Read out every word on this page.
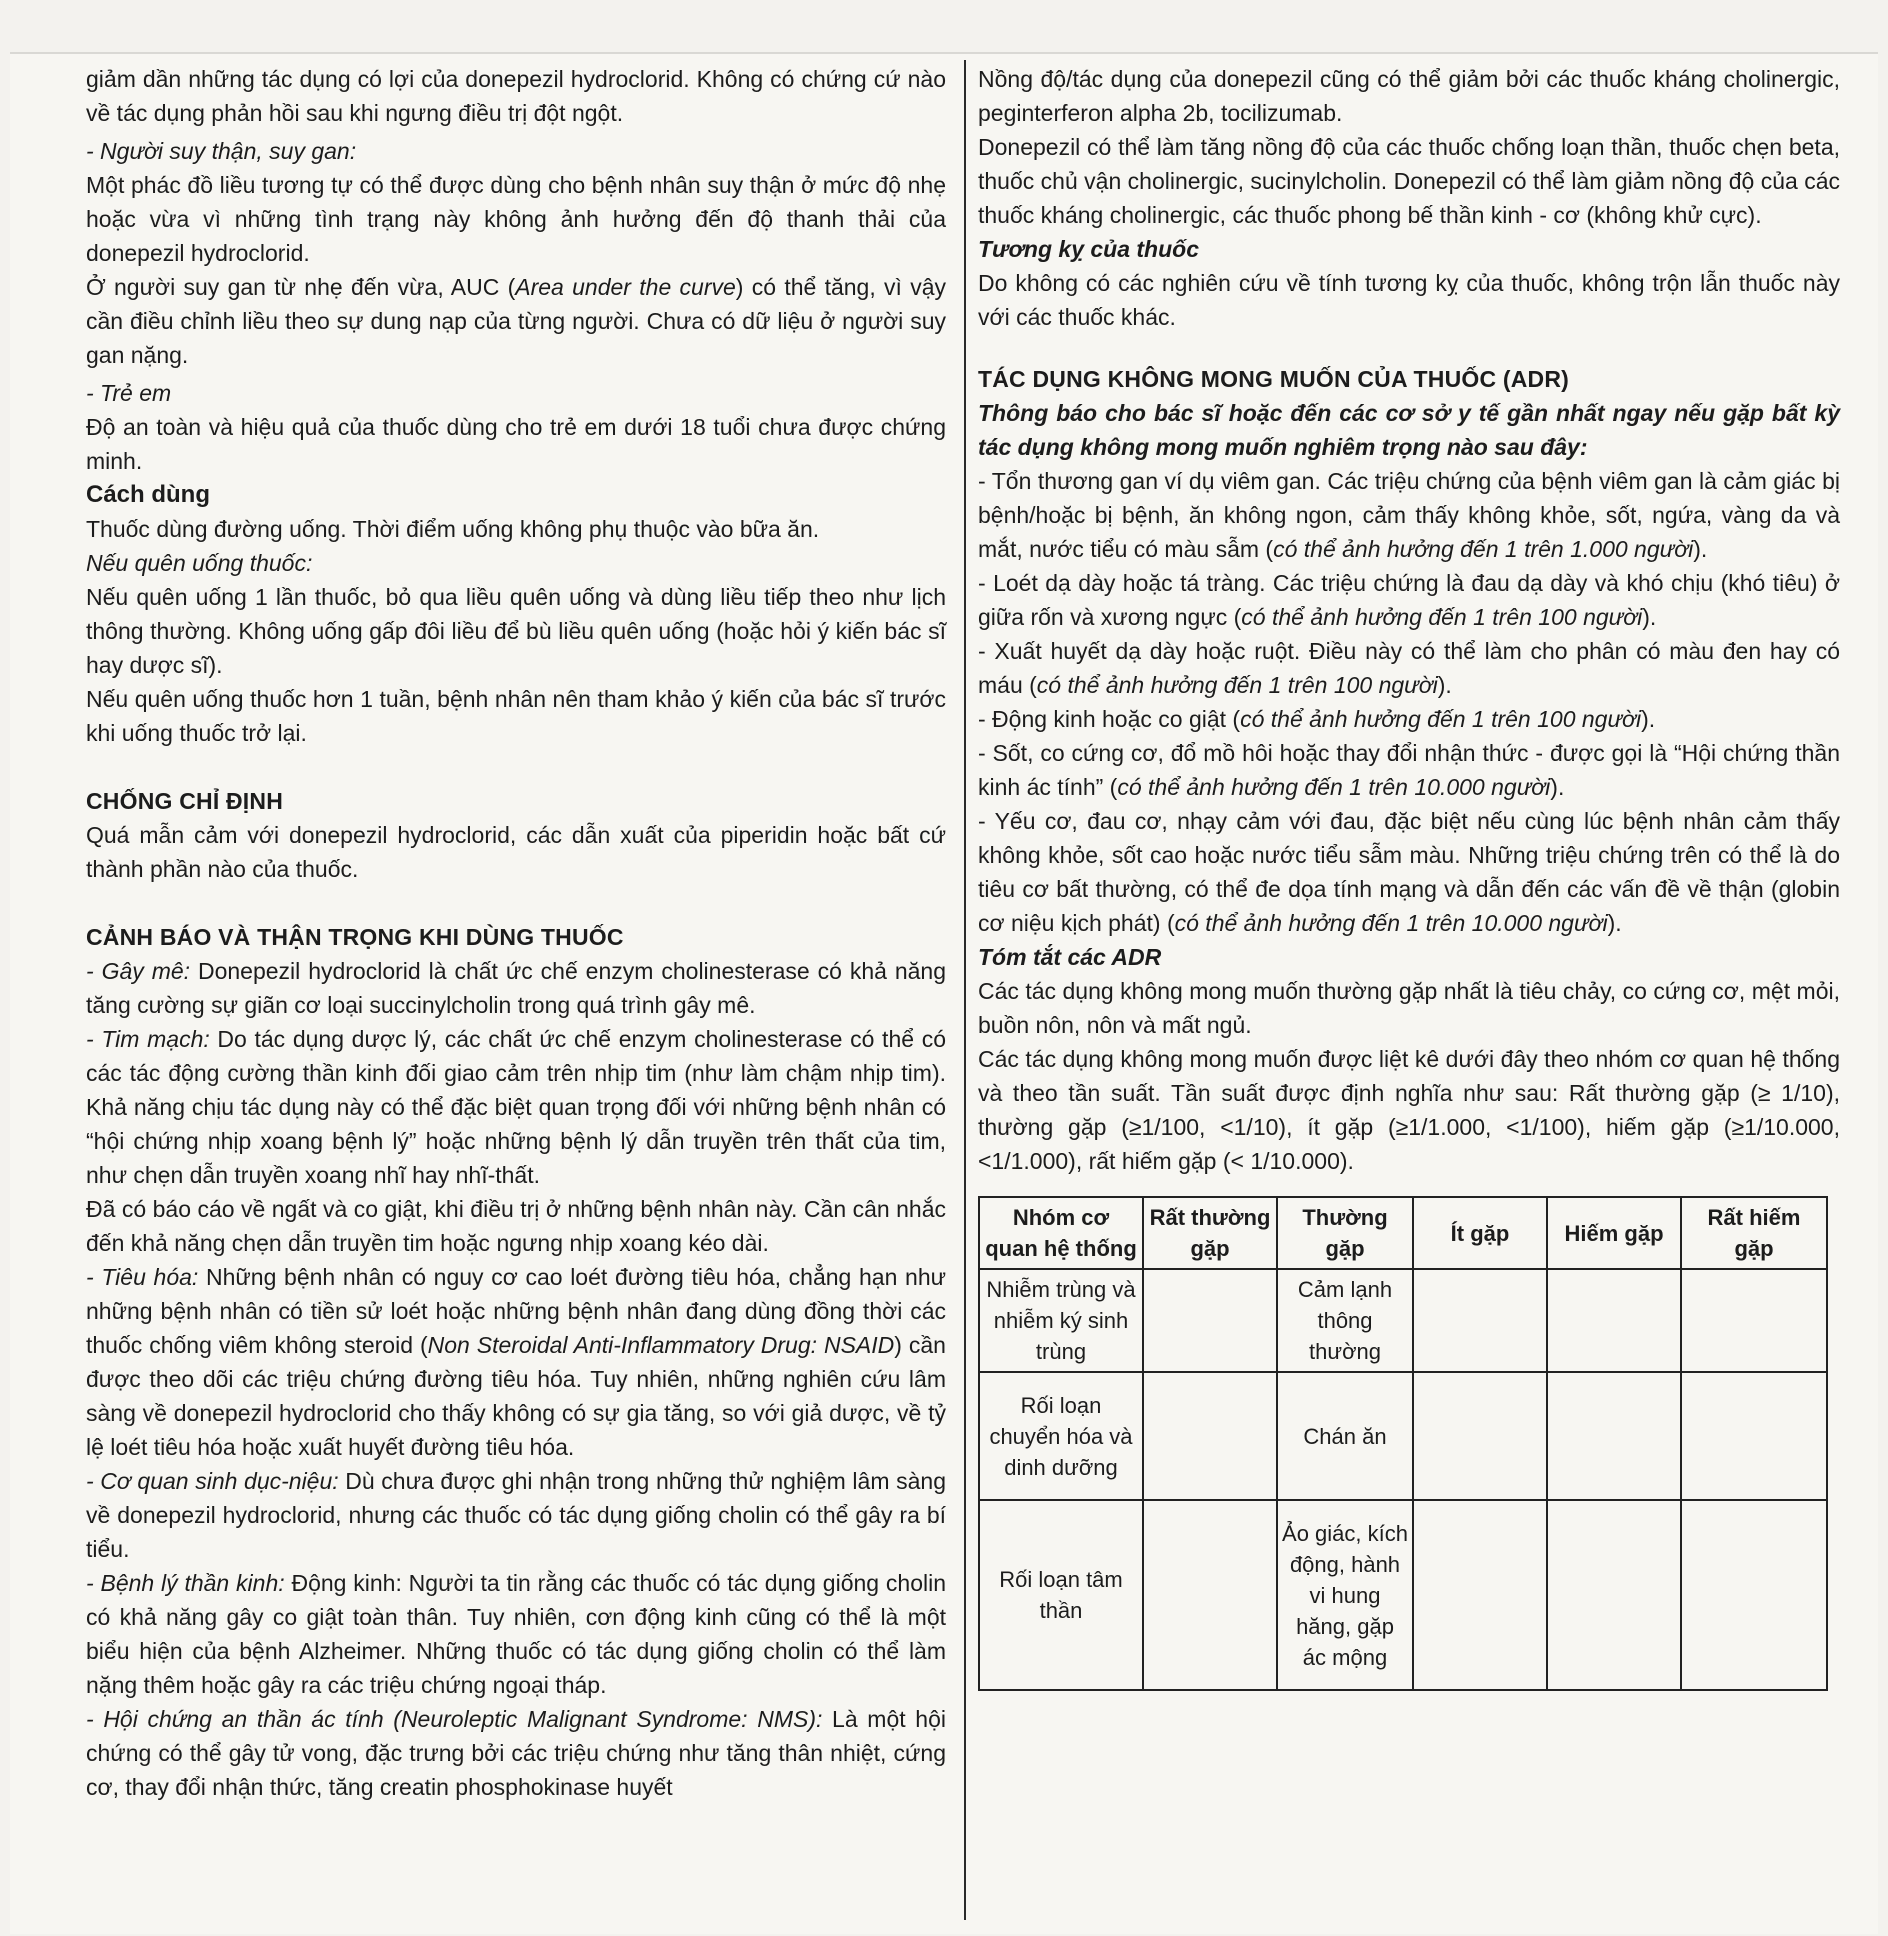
giảm dần những tác dụng có lợi của donepezil hydroclorid. Không có chứng cứ nào về tác dụng phản hồi sau khi ngưng điều trị đột ngột.

- Người suy thận, suy gan:

Một phác đồ liều tương tự có thể được dùng cho bệnh nhân suy thận ở mức độ nhẹ hoặc vừa vì những tình trạng này không ảnh hưởng đến độ thanh thải của donepezil hydroclorid.

Ở người suy gan từ nhẹ đến vừa, AUC (Area under the curve) có thể tăng, vì vậy cần điều chỉnh liều theo sự dung nạp của từng người. Chưa có dữ liệu ở người suy gan nặng.

- Trẻ em

Độ an toàn và hiệu quả của thuốc dùng cho trẻ em dưới 18 tuổi chưa được chứng minh.

Cách dùng

Thuốc dùng đường uống. Thời điểm uống không phụ thuộc vào bữa ăn.

Nếu quên uống thuốc:

Nếu quên uống 1 lần thuốc, bỏ qua liều quên uống và dùng liều tiếp theo như lịch thông thường. Không uống gấp đôi liều để bù liều quên uống (hoặc hỏi ý kiến bác sĩ hay dược sĩ).

Nếu quên uống thuốc hơn 1 tuần, bệnh nhân nên tham khảo ý kiến của bác sĩ trước khi uống thuốc trở lại.

CHỐNG CHỈ ĐỊNH

Quá mẫn cảm với donepezil hydroclorid, các dẫn xuất của piperidin hoặc bất cứ thành phần nào của thuốc.

CẢNH BÁO VÀ THẬN TRỌNG KHI DÙNG THUỐC

- Gây mê: Donepezil hydroclorid là chất ức chế enzym cholinesterase có khả năng tăng cường sự giãn cơ loại succinylcholin trong quá trình gây mê.

- Tim mạch: Do tác dụng dược lý, các chất ức chế enzym cholinesterase có thể có các tác động cường thần kinh đối giao cảm trên nhịp tim (như làm chậm nhịp tim). Khả năng chịu tác dụng này có thể đặc biệt quan trọng đối với những bệnh nhân có “hội chứng nhịp xoang bệnh lý” hoặc những bệnh lý dẫn truyền trên thất của tim, như chẹn dẫn truyền xoang nhĩ hay nhĩ-thất.

Đã có báo cáo về ngất và co giật, khi điều trị ở những bệnh nhân này. Cần cân nhắc đến khả năng chẹn dẫn truyền tim hoặc ngưng nhịp xoang kéo dài.

- Tiêu hóa: Những bệnh nhân có nguy cơ cao loét đường tiêu hóa, chẳng hạn như những bệnh nhân có tiền sử loét hoặc những bệnh nhân đang dùng đồng thời các thuốc chống viêm không steroid (Non Steroidal Anti-Inflammatory Drug: NSAID) cần được theo dõi các triệu chứng đường tiêu hóa. Tuy nhiên, những nghiên cứu lâm sàng về donepezil hydroclorid cho thấy không có sự gia tăng, so với giả dược, về tỷ lệ loét tiêu hóa hoặc xuất huyết đường tiêu hóa.

- Cơ quan sinh dục-niệu: Dù chưa được ghi nhận trong những thử nghiệm lâm sàng về donepezil hydroclorid, nhưng các thuốc có tác dụng giống cholin có thể gây ra bí tiểu.

- Bệnh lý thần kinh: Động kinh: Người ta tin rằng các thuốc có tác dụng giống cholin có khả năng gây co giật toàn thân. Tuy nhiên, cơn động kinh cũng có thể là một biểu hiện của bệnh Alzheimer. Những thuốc có tác dụng giống cholin có thể làm nặng thêm hoặc gây ra các triệu chứng ngoại tháp.

- Hội chứng an thần ác tính (Neuroleptic Malignant Syndrome: NMS): Là một hội chứng có thể gây tử vong, đặc trưng bởi các triệu chứng như tăng thân nhiệt, cứng cơ, thay đổi nhận thức, tăng creatin phosphokinase huyết

Nồng độ/tác dụng của donepezil cũng có thể giảm bởi các thuốc kháng cholinergic, peginterferon alpha 2b, tocilizumab.

Donepezil có thể làm tăng nồng độ của các thuốc chống loạn thần, thuốc chẹn beta, thuốc chủ vận cholinergic, sucinylcholin. Donepezil có thể làm giảm nồng độ của các thuốc kháng cholinergic, các thuốc phong bế thần kinh - cơ (không khử cực).

Tương kỵ của thuốc

Do không có các nghiên cứu về tính tương kỵ của thuốc, không trộn lẫn thuốc này với các thuốc khác.

TÁC DỤNG KHÔNG MONG MUỐN CỦA THUỐC (ADR)

Thông báo cho bác sĩ hoặc đến các cơ sở y tế gần nhất ngay nếu gặp bất kỳ tác dụng không mong muốn nghiêm trọng nào sau đây:

- Tổn thương gan ví dụ viêm gan. Các triệu chứng của bệnh viêm gan là cảm giác bị bệnh/hoặc bị bệnh, ăn không ngon, cảm thấy không khỏe, sốt, ngứa, vàng da và mắt, nước tiểu có màu sẫm (có thể ảnh hưởng đến 1 trên 1.000 người).

- Loét dạ dày hoặc tá tràng. Các triệu chứng là đau dạ dày và khó chịu (khó tiêu) ở giữa rốn và xương ngực (có thể ảnh hưởng đến 1 trên 100 người).

- Xuất huyết dạ dày hoặc ruột. Điều này có thể làm cho phân có màu đen hay có máu (có thể ảnh hưởng đến 1 trên 100 người).

- Động kinh hoặc co giật (có thể ảnh hưởng đến 1 trên 100 người).

- Sốt, co cứng cơ, đổ mồ hôi hoặc thay đổi nhận thức - được gọi là “Hội chứng thần kinh ác tính” (có thể ảnh hưởng đến 1 trên 10.000 người).

- Yếu cơ, đau cơ, nhạy cảm với đau, đặc biệt nếu cùng lúc bệnh nhân cảm thấy không khỏe, sốt cao hoặc nước tiểu sẫm màu. Những triệu chứng trên có thể là do tiêu cơ bất thường, có thể đe dọa tính mạng và dẫn đến các vấn đề về thận (globin cơ niệu kịch phát) (có thể ảnh hưởng đến 1 trên 10.000 người).

Tóm tắt các ADR

Các tác dụng không mong muốn thường gặp nhất là tiêu chảy, co cứng cơ, mệt mỏi, buồn nôn, nôn và mất ngủ.

Các tác dụng không mong muốn được liệt kê dưới đây theo nhóm cơ quan hệ thống và theo tần suất. Tần suất được định nghĩa như sau: Rất thường gặp (≥ 1/10), thường gặp (≥1/100, <1/10), ít gặp (≥1/1.000, <1/100), hiếm gặp (≥1/10.000, <1/1.000), rất hiếm gặp (< 1/10.000).

Nhóm cơ quan hệ thống	Rất thường gặp	Thường gặp	Ít gặp	Hiếm gặp	Rất hiếm gặp
Nhiễm trùng và nhiễm ký sinh trùng		Cảm lạnh thông thường			
Rối loạn chuyển hóa và dinh dưỡng		Chán ăn			
Rối loạn tâm thần		Ảo giác, kích động, hành vi hung hăng, gặp ác mộng			
